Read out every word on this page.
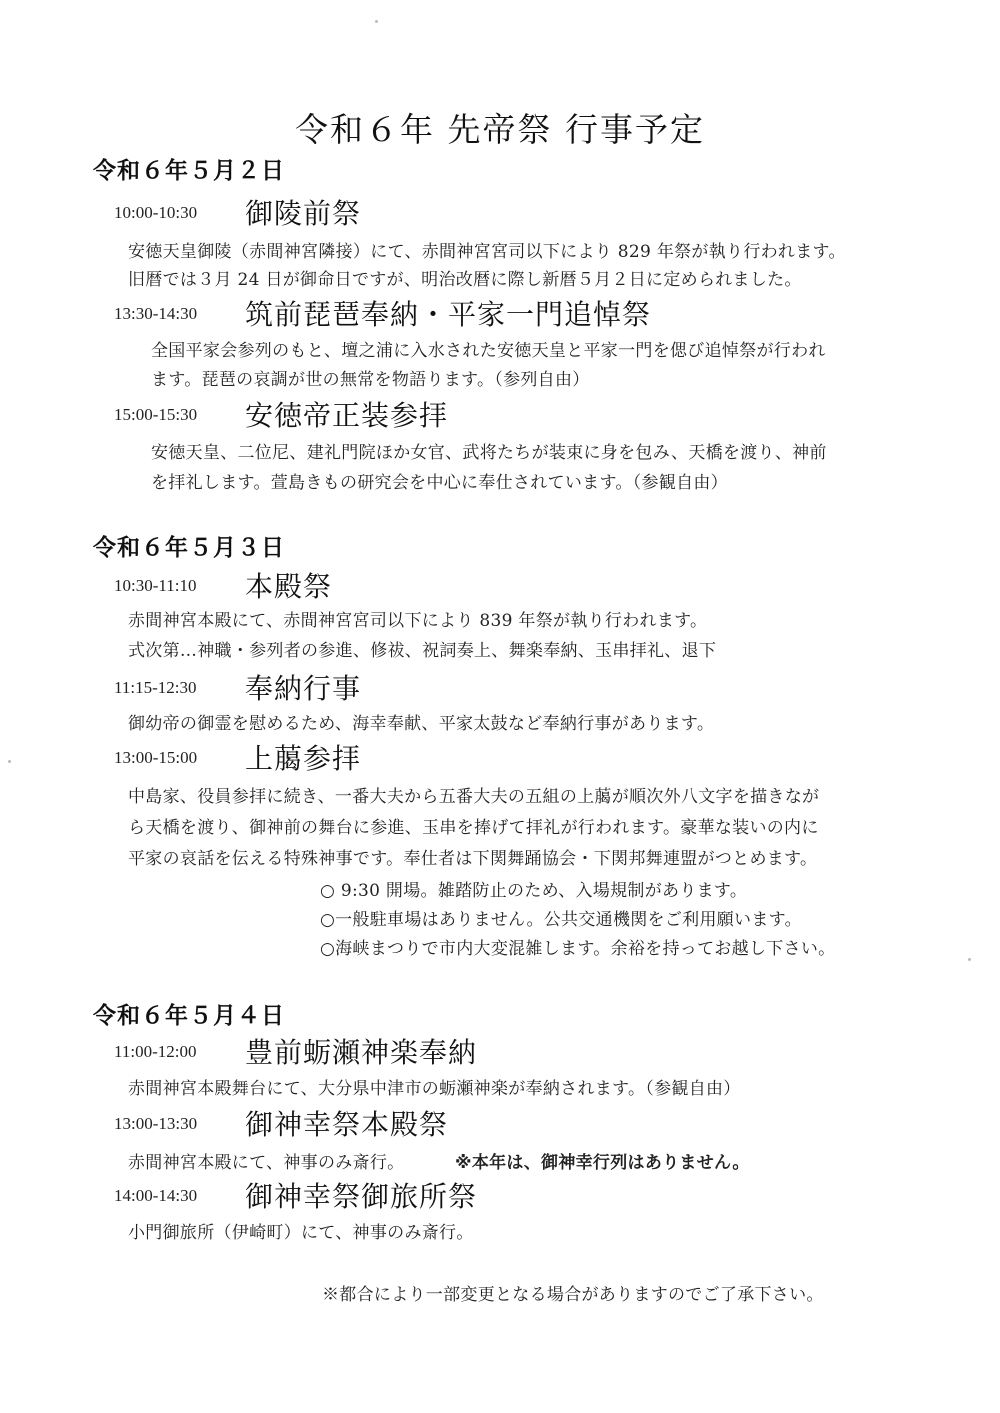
令和６年 先帝祭 行事予定
令和６年５月２日
10:00-10:30 御陵前祭
安徳天皇御陵（赤間神宮隣接）にて、赤間神宮宮司以下により 829 年祭が執り行われます。
旧暦では３月 24 日が御命日ですが、明治改暦に際し新暦５月２日に定められました。
13:30-14:30 筑前琵琶奉納・平家一門追悼祭
全国平家会参列のもと、壇之浦に入水された安徳天皇と平家一門を偲び追悼祭が行われ
ます。琵琶の哀調が世の無常を物語ります。（参列自由）
15:00-15:30 安徳帝正装参拝
安徳天皇、二位尼、建礼門院ほか女官、武将たちが装束に身を包み、天橋を渡り、神前
を拝礼します。萱島きもの研究会を中心に奉仕されています。（参観自由）
令和６年５月３日
10:30-11:10 本殿祭
赤間神宮本殿にて、赤間神宮宮司以下により 839 年祭が執り行われます。
式次第…神職・参列者の参進、修祓、祝詞奏上、舞楽奉納、玉串拝礼、退下
11:15-12:30 奉納行事
御幼帝の御霊を慰めるため、海幸奉献、平家太鼓など奉納行事があります。
13:00-15:00 上﨟参拝
中島家、役員参拝に続き、一番大夫から五番大夫の五組の上﨟が順次外八文字を描きなが
ら天橋を渡り、御神前の舞台に参進、玉串を捧げて拝礼が行われます。豪華な装いの内に
平家の哀話を伝える特殊神事です。奉仕者は下関舞踊協会・下関邦舞連盟がつとめます。
○ 9:30 開場。雑踏防止のため、入場規制があります。
○一般駐車場はありません。公共交通機関をご利用願います。
○海峡まつりで市内大変混雑します。余裕を持ってお越し下さい。
令和６年５月４日
11:00-12:00 豊前蛎瀬神楽奉納
赤間神宮本殿舞台にて、大分県中津市の蛎瀬神楽が奉納されます。（参観自由）
13:00-13:30 御神幸祭本殿祭
赤間神宮本殿にて、神事のみ斎行。	※本年は、御神幸行列はありません。
14:00-14:30 御神幸祭御旅所祭
小門御旅所（伊崎町）にて、神事のみ斎行。
※都合により一部変更となる場合がありますのでご了承下さい。
